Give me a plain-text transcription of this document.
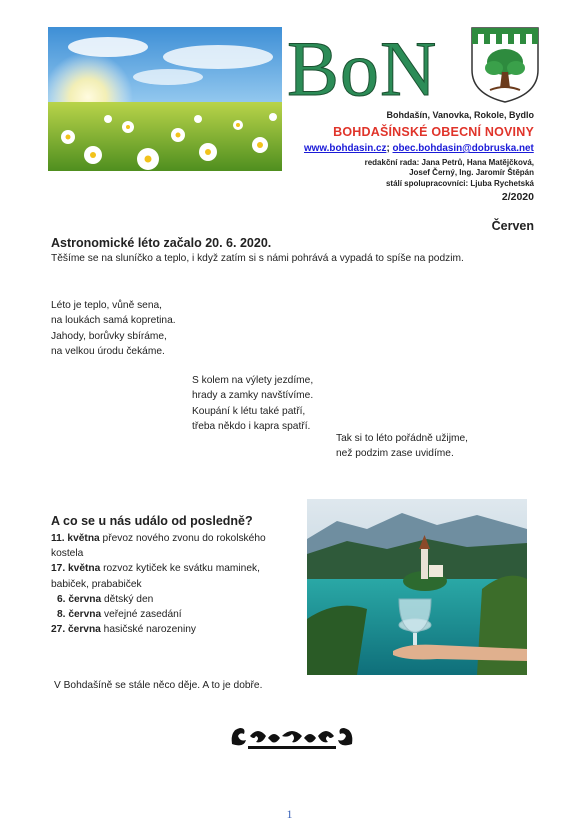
BoN
Bohdašín, Vanovka, Rokole, Bydlo
BOHDAŠÍNSKÉ OBECNÍ NOVINY
www.bohdasin.cz; obec.bohdasin@dobruska.net
redakční rada: Jana Petrů, Hana Matějčková,
Josef Černý, Ing. Jaromír Štěpán
stálí spolupracovníci: Ljuba Rychetská
2/2020
Červen
Astronomické léto začalo 20. 6. 2020.
Těšíme se na sluníčko a teplo, i když zatím si s námi pohrává a vypadá to spíše na podzim.
Léto je teplo, vůně sena,
na loukách samá kopretina.
Jahody, borůvky sbíráme,
na velkou úrodu čekáme.
S kolem na výlety jezdíme,
hrady a zamky navštívíme.
Koupání k létu také patří,
třeba někdo i kapra spatří.
Tak si to léto pořádně užijme,
než podzim zase uvidíme.
A co se u nás událo od posledně?
11. května převoz nového zvonu do rokolského
kostela
17. května rozvoz kytiček ke svátku maminek,
babiček, prababiček
6. června dětský den
8. června veřejné zasedání
27. června hasičské narozeniny
V Bohdašíně se stále něco děje. A to je dobře.
1
